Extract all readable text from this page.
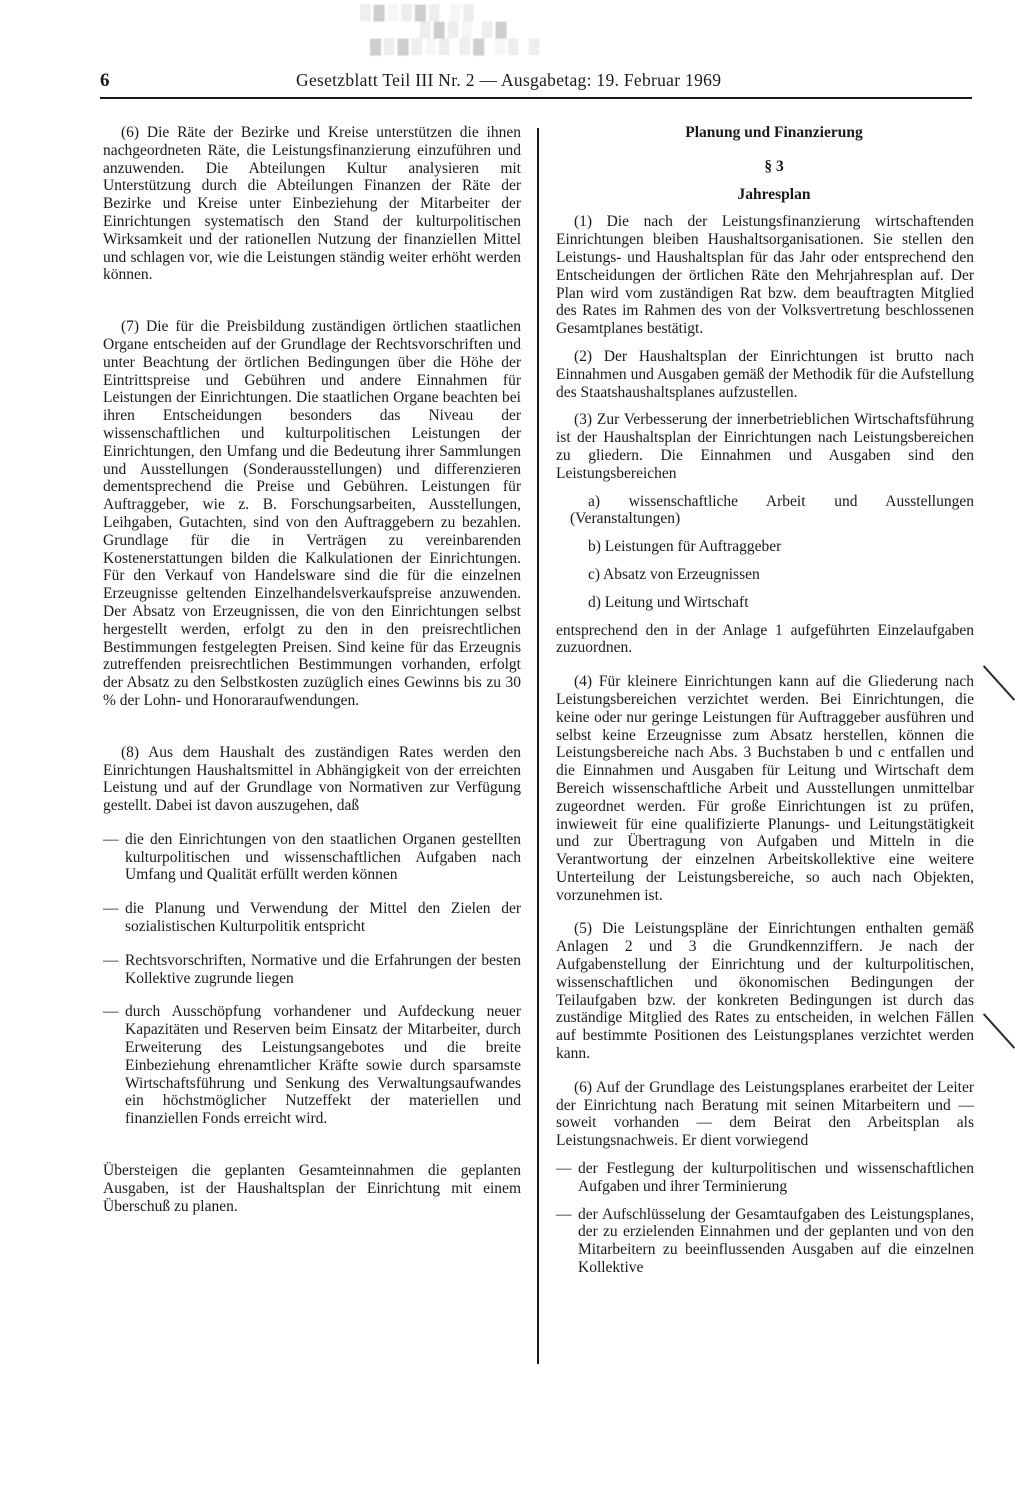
▒▓░▒▓▒ ░▒
▒▓▒░ ▒▓
▓▒▓▒░▒ ▒▓ ░▒ ▒
6	Gesetzblatt Teil III Nr. 2 — Ausgabetag: 19. Februar 1969

(6) Die Räte der Bezirke und Kreise unterstützen die ihnen nachgeordneten Räte, die Leistungsfinanzierung einzuführen und anzuwenden. Die Abteilungen Kultur analysieren mit Unterstützung durch die Abteilungen Finanzen der Räte der Bezirke und Kreise unter Einbeziehung der Mitarbeiter der Einrichtungen systematisch den Stand der kulturpolitischen Wirksamkeit und der rationellen Nutzung der finanziellen Mittel und schlagen vor, wie die Leistungen ständig weiter erhöht werden können.

(7) Die für die Preisbildung zuständigen örtlichen staatlichen Organe entscheiden auf der Grundlage der Rechtsvorschriften und unter Beachtung der örtlichen Bedingungen über die Höhe der Eintrittspreise und Gebühren und andere Einnahmen für Leistungen der Einrichtungen. Die staatlichen Organe beachten bei ihren Entscheidungen besonders das Niveau der wissenschaftlichen und kulturpolitischen Leistungen der Einrichtungen, den Umfang und die Bedeutung ihrer Sammlungen und Ausstellungen (Sonderausstellungen) und differenzieren dementsprechend die Preise und Gebühren. Leistungen für Auftraggeber, wie z. B. Forschungsarbeiten, Ausstellungen, Leihgaben, Gutachten, sind von den Auftraggebern zu bezahlen. Grundlage für die in Verträgen zu vereinbarenden Kostenerstattungen bilden die Kalkulationen der Einrichtungen. Für den Verkauf von Handelsware sind die für die einzelnen Erzeugnisse geltenden Einzelhandelsverkaufspreise anzuwenden. Der Absatz von Erzeugnissen, die von den Einrichtungen selbst hergestellt werden, erfolgt zu den in den preisrechtlichen Bestimmungen festgelegten Preisen. Sind keine für das Erzeugnis zutreffenden preisrechtlichen Bestimmungen vorhanden, erfolgt der Absatz zu den Selbstkosten zuzüglich eines Gewinns bis zu 30 % der Lohn- und Honoraraufwendungen.

(8) Aus dem Haushalt des zuständigen Rates werden den Einrichtungen Haushaltsmittel in Abhängigkeit von der erreichten Leistung und auf der Grundlage von Normativen zur Verfügung gestellt. Dabei ist davon auszugehen, daß

— die den Einrichtungen von den staatlichen Organen gestellten kulturpolitischen und wissenschaftlichen Aufgaben nach Umfang und Qualität erfüllt werden können
— die Planung und Verwendung der Mittel den Zielen der sozialistischen Kulturpolitik entspricht
— Rechtsvorschriften, Normative und die Erfahrungen der besten Kollektive zugrunde liegen
— durch Ausschöpfung vorhandener und Aufdeckung neuer Kapazitäten und Reserven beim Einsatz der Mitarbeiter, durch Erweiterung des Leistungsangebotes und die breite Einbeziehung ehrenamtlicher Kräfte sowie durch sparsamste Wirtschaftsführung und Senkung des Verwaltungsaufwandes ein höchstmöglicher Nutzeffekt der materiellen und finanziellen Fonds erreicht wird.

Übersteigen die geplanten Gesamteinnahmen die geplanten Ausgaben, ist der Haushaltsplan der Einrichtung mit einem Überschuß zu planen.

Planung und Finanzierung

§ 3

Jahresplan

(1) Die nach der Leistungsfinanzierung wirtschaftenden Einrichtungen bleiben Haushaltsorganisationen. Sie stellen den Leistungs- und Haushaltsplan für das Jahr oder entsprechend den Entscheidungen der örtlichen Räte den Mehrjahresplan auf. Der Plan wird vom zuständigen Rat bzw. dem beauftragten Mitglied des Rates im Rahmen des von der Volksvertretung beschlossenen Gesamtplanes bestätigt.

(2) Der Haushaltsplan der Einrichtungen ist brutto nach Einnahmen und Ausgaben gemäß der Methodik für die Aufstellung des Staatshaushaltsplanes aufzustellen.

(3) Zur Verbesserung der innerbetrieblichen Wirtschaftsführung ist der Haushaltsplan der Einrichtungen nach Leistungsbereichen zu gliedern. Die Einnahmen und Ausgaben sind den Leistungsbereichen

a) wissenschaftliche Arbeit und Ausstellungen (Veranstaltungen)

b) Leistungen für Auftraggeber

c) Absatz von Erzeugnissen

d) Leitung und Wirtschaft

entsprechend den in der Anlage 1 aufgeführten Einzelaufgaben zuzuordnen.

(4) Für kleinere Einrichtungen kann auf die Gliederung nach Leistungsbereichen verzichtet werden. Bei Einrichtungen, die keine oder nur geringe Leistungen für Auftraggeber ausführen und selbst keine Erzeugnisse zum Absatz herstellen, können die Leistungsbereiche nach Abs. 3 Buchstaben b und c entfallen und die Einnahmen und Ausgaben für Leitung und Wirtschaft dem Bereich wissenschaftliche Arbeit und Ausstellungen unmittelbar zugeordnet werden. Für große Einrichtungen ist zu prüfen, inwieweit für eine qualifizierte Planungs- und Leitungstätigkeit und zur Übertragung von Aufgaben und Mitteln in die Verantwortung der einzelnen Arbeitskollektive eine weitere Unterteilung der Leistungsbereiche, so auch nach Objekten, vorzunehmen ist.

(5) Die Leistungspläne der Einrichtungen enthalten gemäß Anlagen 2 und 3 die Grundkennziffern. Je nach der Aufgabenstellung der Einrichtung und der kulturpolitischen, wissenschaftlichen und ökonomischen Bedingungen der Teilaufgaben bzw. der konkreten Bedingungen ist durch das zuständige Mitglied des Rates zu entscheiden, in welchen Fällen auf bestimmte Positionen des Leistungsplanes verzichtet werden kann.

(6) Auf der Grundlage des Leistungsplanes erarbeitet der Leiter der Einrichtung nach Beratung mit seinen Mitarbeitern und — soweit vorhanden — dem Beirat den Arbeitsplan als Leistungsnachweis. Er dient vorwiegend

— der Festlegung der kulturpolitischen und wissenschaftlichen Aufgaben und ihrer Terminierung
— der Aufschlüsselung der Gesamtaufgaben des Leistungsplanes, der zu erzielenden Einnahmen und der geplanten und von den Mitarbeitern zu beeinflussenden Ausgaben auf die einzelnen Kollektive
